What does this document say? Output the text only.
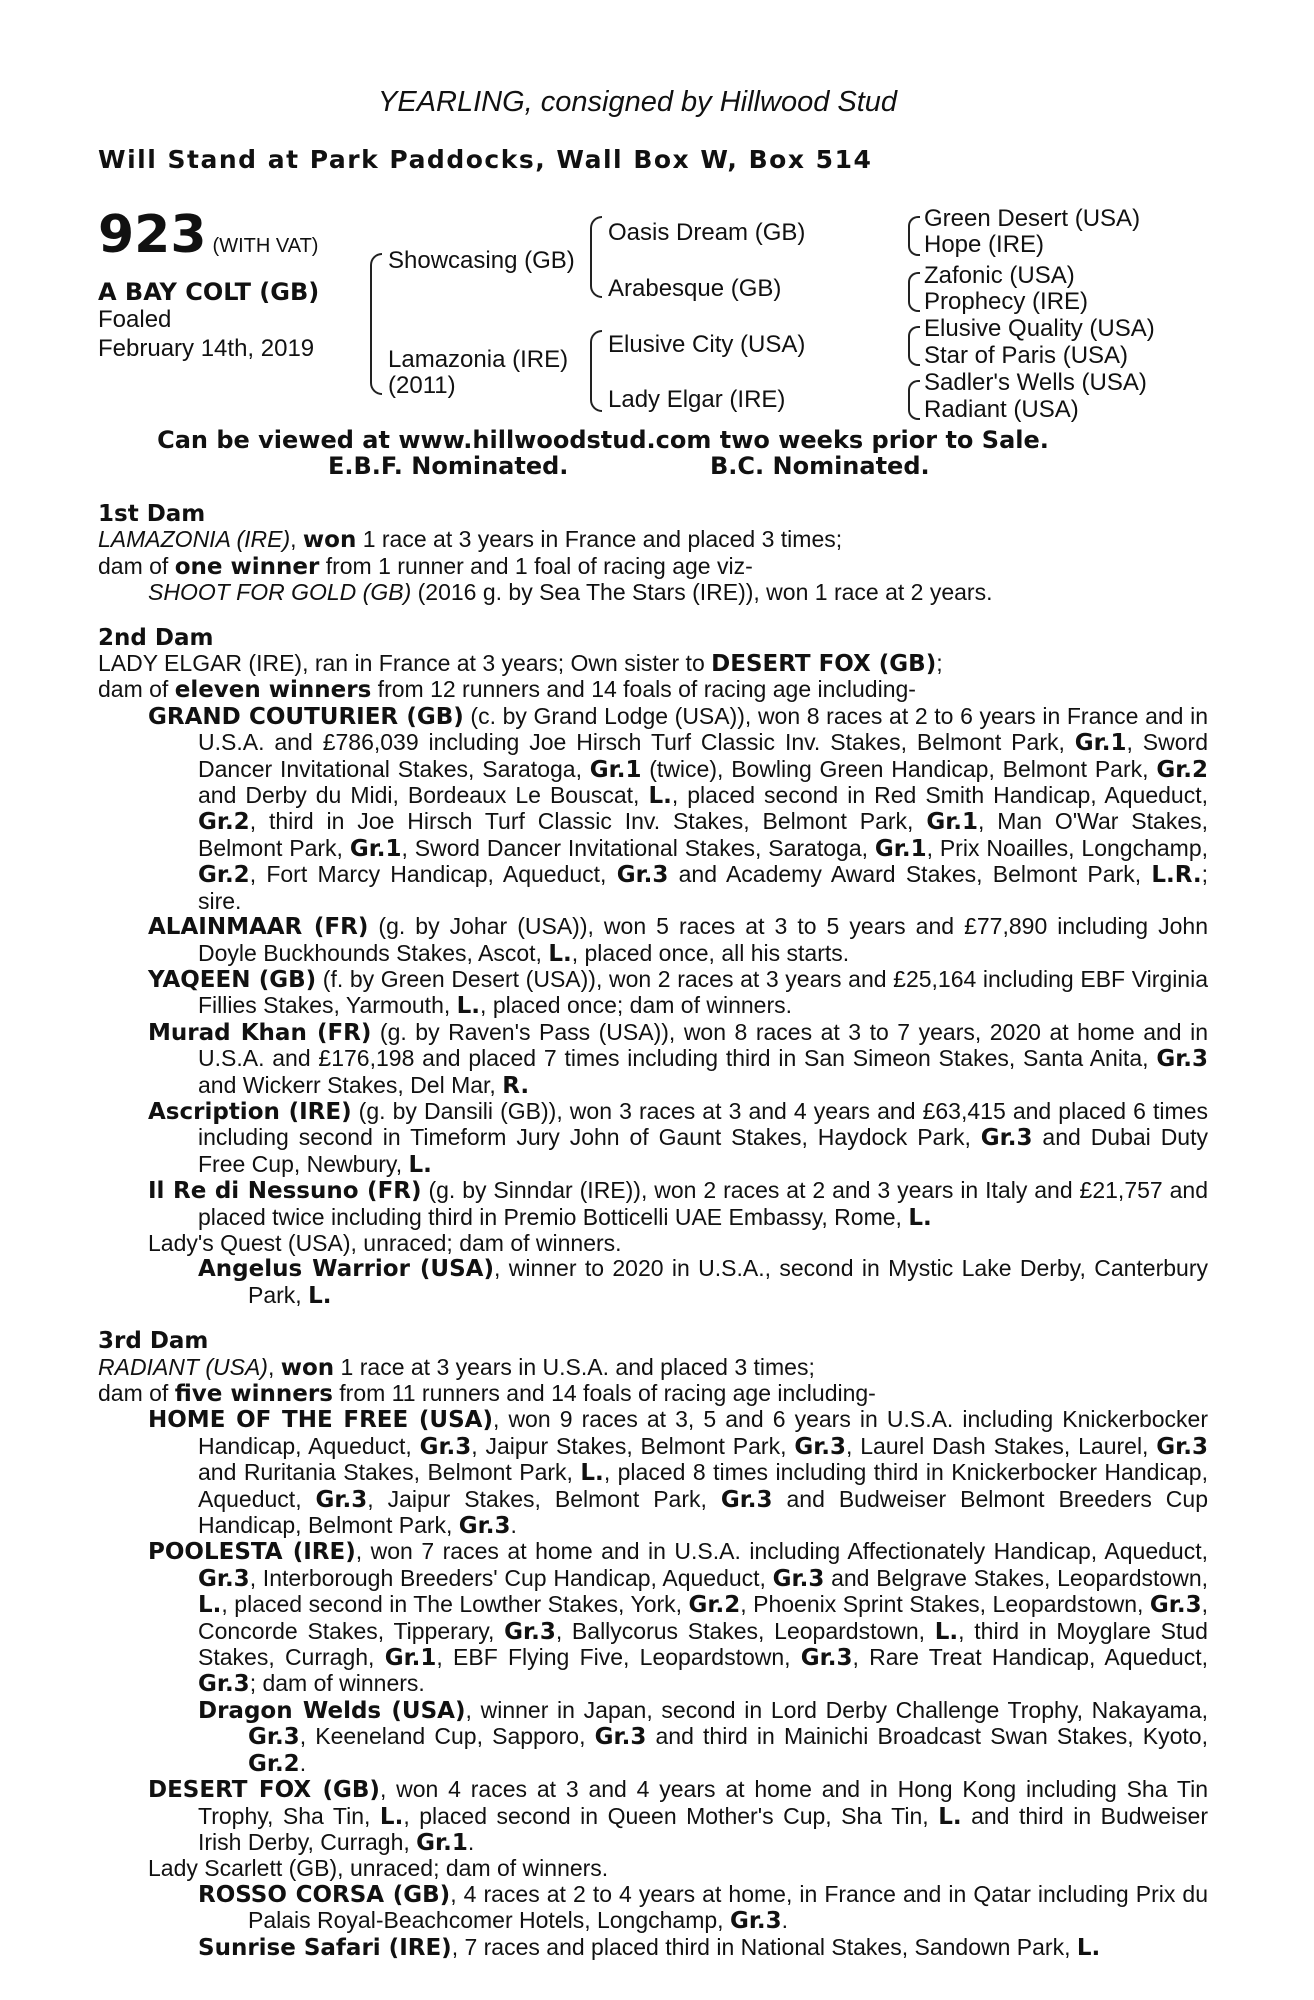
YEARLING, consigned by Hillwood Stud
Will Stand at Park Paddocks, Wall Box W, Box 514
923 (WITH VAT)
A BAY COLT (GB)
Foaled
February 14th, 2019
Showcasing (GB)
Lamazonia (IRE)
(2011)
Oasis Dream (GB)
Arabesque (GB)
Elusive City (USA)
Lady Elgar (IRE)
Green Desert (USA)
Hope (IRE)
Zafonic (USA)
Prophecy (IRE)
Elusive Quality (USA)
Star of Paris (USA)
Sadler's Wells (USA)
Radiant (USA)
Can be viewed at www.hillwoodstud.com two weeks prior to Sale.
E.B.F. Nominated.	B.C. Nominated.
1st Dam

LAMAZONIA (IRE), won 1 race at 3 years in France and placed 3 times;

dam of one winner from 1 runner and 1 foal of racing age viz-

SHOOT FOR GOLD (GB) (2016 g. by Sea The Stars (IRE)), won 1 race at 2 years.

2nd Dam

LADY ELGAR (IRE), ran in France at 3 years; Own sister to DESERT FOX (GB);

dam of eleven winners from 12 runners and 14 foals of racing age including-

GRAND COUTURIER (GB) (c. by Grand Lodge (USA)), won 8 races at 2 to 6 years in France and in U.S.A. and £786,039 including Joe Hirsch Turf Classic Inv. Stakes, Belmont Park, Gr.1, Sword Dancer Invitational Stakes, Saratoga, Gr.1 (twice), Bowling Green Handicap, Belmont Park, Gr.2 and Derby du Midi, Bordeaux Le Bouscat, L., placed second in Red Smith Handicap, Aqueduct, Gr.2, third in Joe Hirsch Turf Classic Inv. Stakes, Belmont Park, Gr.1, Man O'War Stakes, Belmont Park, Gr.1, Sword Dancer Invitational Stakes, Saratoga, Gr.1, Prix Noailles, Longchamp, Gr.2, Fort Marcy Handicap, Aqueduct, Gr.3 and Academy Award Stakes, Belmont Park, L.R.; sire.

ALAINMAAR (FR) (g. by Johar (USA)), won 5 races at 3 to 5 years and £77,890 including John Doyle Buckhounds Stakes, Ascot, L., placed once, all his starts.

YAQEEN (GB) (f. by Green Desert (USA)), won 2 races at 3 years and £25,164 including EBF Virginia Fillies Stakes, Yarmouth, L., placed once; dam of winners.

Murad Khan (FR) (g. by Raven's Pass (USA)), won 8 races at 3 to 7 years, 2020 at home and in U.S.A. and £176,198 and placed 7 times including third in San Simeon Stakes, Santa Anita, Gr.3 and Wickerr Stakes, Del Mar, R.

Ascription (IRE) (g. by Dansili (GB)), won 3 races at 3 and 4 years and £63,415 and placed 6 times including second in Timeform Jury John of Gaunt Stakes, Haydock Park, Gr.3 and Dubai Duty Free Cup, Newbury, L.

Il Re di Nessuno (FR) (g. by Sinndar (IRE)), won 2 races at 2 and 3 years in Italy and £21,757 and placed twice including third in Premio Botticelli UAE Embassy, Rome, L.

Lady's Quest (USA), unraced; dam of winners.

Angelus Warrior (USA), winner to 2020 in U.S.A., second in Mystic Lake Derby, Canterbury Park, L.

3rd Dam

RADIANT (USA), won 1 race at 3 years in U.S.A. and placed 3 times;

dam of five winners from 11 runners and 14 foals of racing age including-

HOME OF THE FREE (USA), won 9 races at 3, 5 and 6 years in U.S.A. including Knickerbocker Handicap, Aqueduct, Gr.3, Jaipur Stakes, Belmont Park, Gr.3, Laurel Dash Stakes, Laurel, Gr.3 and Ruritania Stakes, Belmont Park, L., placed 8 times including third in Knickerbocker Handicap, Aqueduct, Gr.3, Jaipur Stakes, Belmont Park, Gr.3 and Budweiser Belmont Breeders Cup Handicap, Belmont Park, Gr.3.

POOLESTA (IRE), won 7 races at home and in U.S.A. including Affectionately Handicap, Aqueduct, Gr.3, Interborough Breeders' Cup Handicap, Aqueduct, Gr.3 and Belgrave Stakes, Leopardstown, L., placed second in The Lowther Stakes, York, Gr.2, Phoenix Sprint Stakes, Leopardstown, Gr.3, Concorde Stakes, Tipperary, Gr.3, Ballycorus Stakes, Leopardstown, L., third in Moyglare Stud Stakes, Curragh, Gr.1, EBF Flying Five, Leopardstown, Gr.3, Rare Treat Handicap, Aqueduct, Gr.3; dam of winners.

Dragon Welds (USA), winner in Japan, second in Lord Derby Challenge Trophy, Nakayama, Gr.3, Keeneland Cup, Sapporo, Gr.3 and third in Mainichi Broadcast Swan Stakes, Kyoto, Gr.2.

DESERT FOX (GB), won 4 races at 3 and 4 years at home and in Hong Kong including Sha Tin Trophy, Sha Tin, L., placed second in Queen Mother's Cup, Sha Tin, L. and third in Budweiser Irish Derby, Curragh, Gr.1.

Lady Scarlett (GB), unraced; dam of winners.

ROSSO CORSA (GB), 4 races at 2 to 4 years at home, in France and in Qatar including Prix du Palais Royal-Beachcomer Hotels, Longchamp, Gr.3.

Sunrise Safari (IRE), 7 races and placed third in National Stakes, Sandown Park, L.
